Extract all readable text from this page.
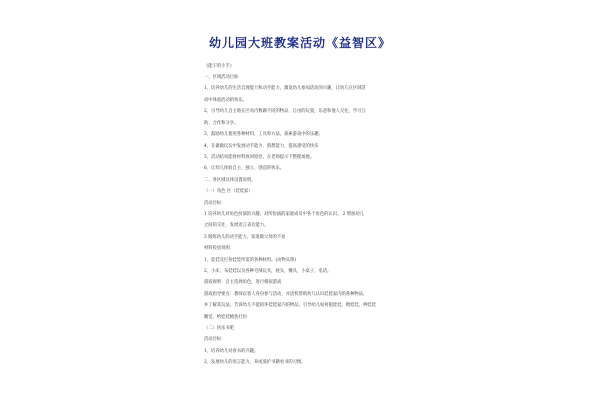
幼儿园大班教案活动《益智区》
《能干的小手》
一、区域活动目标
1、培养幼儿的生活自理能力和动手能力，激发幼儿参加活动的兴趣，让幼儿在区域活
动中体验活动的快乐。
2、引导幼儿自主地在区角内数踢不同的物品，自由的玩耍，乐意和他人交往，学习互
助、合作和分享。
3、鼓励幼儿使用各种材料、工具和方法，探索游戏中的乐趣。
4、在做做玩玩中发展动手能力、猜想能力，提高感受的快乐
5、活动结束能将材料放回原处，在老师提示下整理场地。
6、让幼儿体验自主、独立、创造的快乐。
二、各区域具体设置说明。
（一）角色 区（娃娃家）
活动目标：
1 培养幼儿对角色扮演的兴趣，对所扮演的家庭成员中各个角色的认识。 2 增加幼儿
之间的交往，发展语言表达能力。
3 锻炼幼儿的动手能力，知道做父母的不易
材料投放说明：
1、娃娃及打扮娃娃所需的各种材料。(动物头饰)
2、小床、布娃娃以及各种毛绒玩具，枕头，餐具，小桌子，电话。
游戏规则：自主选择角色，进行模拟游戏
游戏指导要点：教师以客人身份参与活动，并适机帮助幼儿认识娃娃家内的各种物品，
并了解其玩法，告诉幼儿不能损坏娃娃家内的物品。引导幼儿如何抱娃娃，喂娃娃，哄娃娃
睡觉，给娃娃梳妆打扮
（二）快乐书吧
活动目标：
1、培养幼儿对看书的兴趣。
2、发展幼儿的语言能力，养成爱护书籍看书的习惯。
